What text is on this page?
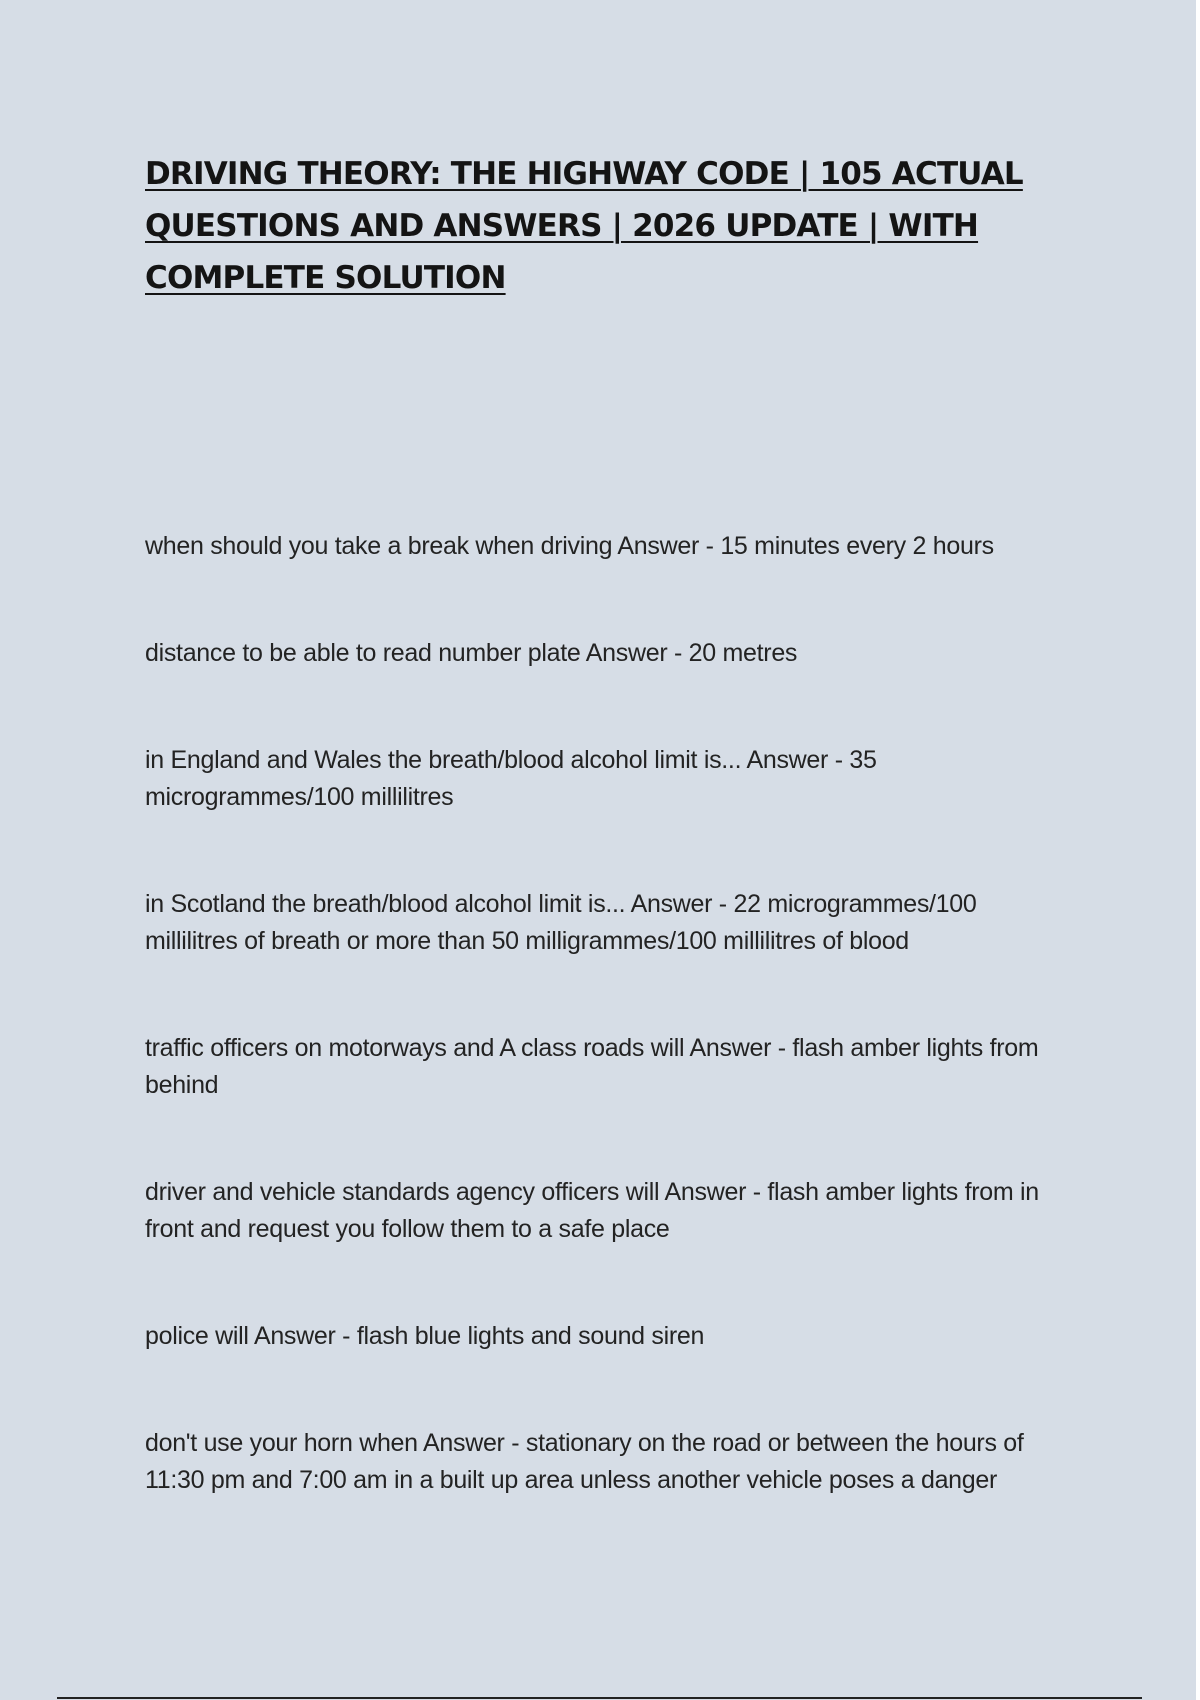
DRIVING THEORY: THE HIGHWAY CODE | 105 ACTUAL QUESTIONS AND ANSWERS | 2026 UPDATE | WITH COMPLETE SOLUTION

when should you take a break when driving Answer - 15 minutes every 2 hours

distance to be able to read number plate Answer - 20 metres

in England and Wales the breath/blood alcohol limit is... Answer - 35 microgrammes/100 millilitres

in Scotland the breath/blood alcohol limit is... Answer - 22 microgrammes/100 millilitres of breath or more than 50 milligrammes/100 millilitres of blood

traffic officers on motorways and A class roads will Answer - flash amber lights from behind

driver and vehicle standards agency officers will Answer - flash amber lights from in front and request you follow them to a safe place

police will Answer - flash blue lights and sound siren

don't use your horn when Answer - stationary on the road or between the hours of 11:30 pm and 7:00 am in a built up area unless another vehicle poses a danger
